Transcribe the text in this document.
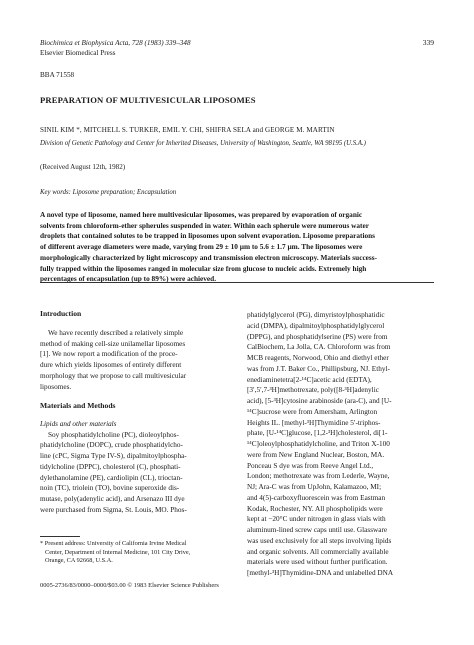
Biochimica et Biophysica Acta, 728 (1983) 339–348
Elsevier Biomedical Press
339
BBA 71558
PREPARATION OF MULTIVESICULAR LIPOSOMES
SINIL KIM *, MITCHELL S. TURKER, EMIL Y. CHI, SHIFRA SELA and GEORGE M. MARTIN
Division of Genetic Pathology and Center for Inherited Diseases, University of Washington, Seattle, WA 98195 (U.S.A.)
(Received August 12th, 1982)
Key words: Liposome preparation; Encapsulation
A novel type of liposome, named here multivesicular liposomes, was prepared by evaporation of organic
solvents from chloroform-ether spherules suspended in water. Within each spherule were numerous water
droplets that contained solutes to be trapped in liposomes upon solvent evaporation. Liposome preparations
of different average diameters were made, varying from 29 ± 10 µm to 5.6 ± 1.7 µm. The liposomes were
morphologically characterized by light microscopy and transmission electron microscopy. Materials success-
fully trapped within the liposomes ranged in molecular size from glucose to nucleic acids. Extremely high
percentages of encapsulation (up to 89%) were achieved.
Introduction
We have recently described a relatively simple
method of making cell-size unilamellar liposomes
[1]. We now report a modification of the proce-
dure which yields liposomes of entirely different
morphology that we propose to call multivesicular
liposomes.
Materials and Methods
Lipids and other materials
Soy phosphatidylcholine (PC), dioleoylphos-
phatidylcholine (DOPC), crude phosphatidylcho-
line (cPC, Sigma Type IV-S), dipalmitoylphospha-
tidylcholine (DPPC), cholesterol (C), phosphati-
dylethanolamine (PE), cardiolipin (CL), trioctan-
noin (TC), triolein (TO), bovine superoxide dis-
mutase, poly(adenylic acid), and Arsenazo III dye
were purchased from Sigma, St. Louis, MO. Phos-
phatidylglycerol (PG), dimyristoylphosphatidic
acid (DMPA), dipalmitoylphosphatidylglycerol
(DPPG), and phosphatidylserine (PS) were from
CalBiochem, La Jolla, CA. Chloroform was from
MCB reagents, Norwood, Ohio and diethyl ether
was from J.T. Baker Co., Phillipsburg, NJ. Ethyl-
enediaminetetra[2-¹⁴C]acetic acid (EDTA),
[3′,5′,7-³H]methotrexate, poly([8-³H]adenylic
acid), [5-³H]cytosine arabinoside (ara-C), and [U-
¹⁴C]sucrose were from Amersham, Arlington
Heights IL. [methyl-³H]Thymidine 5′-triphos-
phate, [U-¹⁴C]glucose, [1,2-³H]cholesterol, di[1-
¹⁴C]oleoylphosphatidylcholine, and Triton X-100
were from New England Nuclear, Boston, MA.
Ponceau S dye was from Reeve Angel Ltd.,
London; methotrexate was from Lederle, Wayne,
NJ; Ara-C was from UpJohn, Kalamazoo, MI;
and 4(5)-carboxyfluorescein was from Eastman
Kodak, Rochester, NY. All phospholipids were
kept at −20°C under nitrogen in glass vials with
aluminum-lined screw caps until use. Glassware
was used exclusively for all steps involving lipids
and organic solvents. All commercially available
materials were used without further purification.
[methyl-³H]Thymidine-DNA and unlabelled DNA
* Present address: University of California Irvine Medical
Center, Department of Internal Medicine, 101 City Drive,
Orange, CA 92668, U.S.A.
0005-2736/83/0000–0000/$03.00 © 1983 Elsevier Science Publishers
